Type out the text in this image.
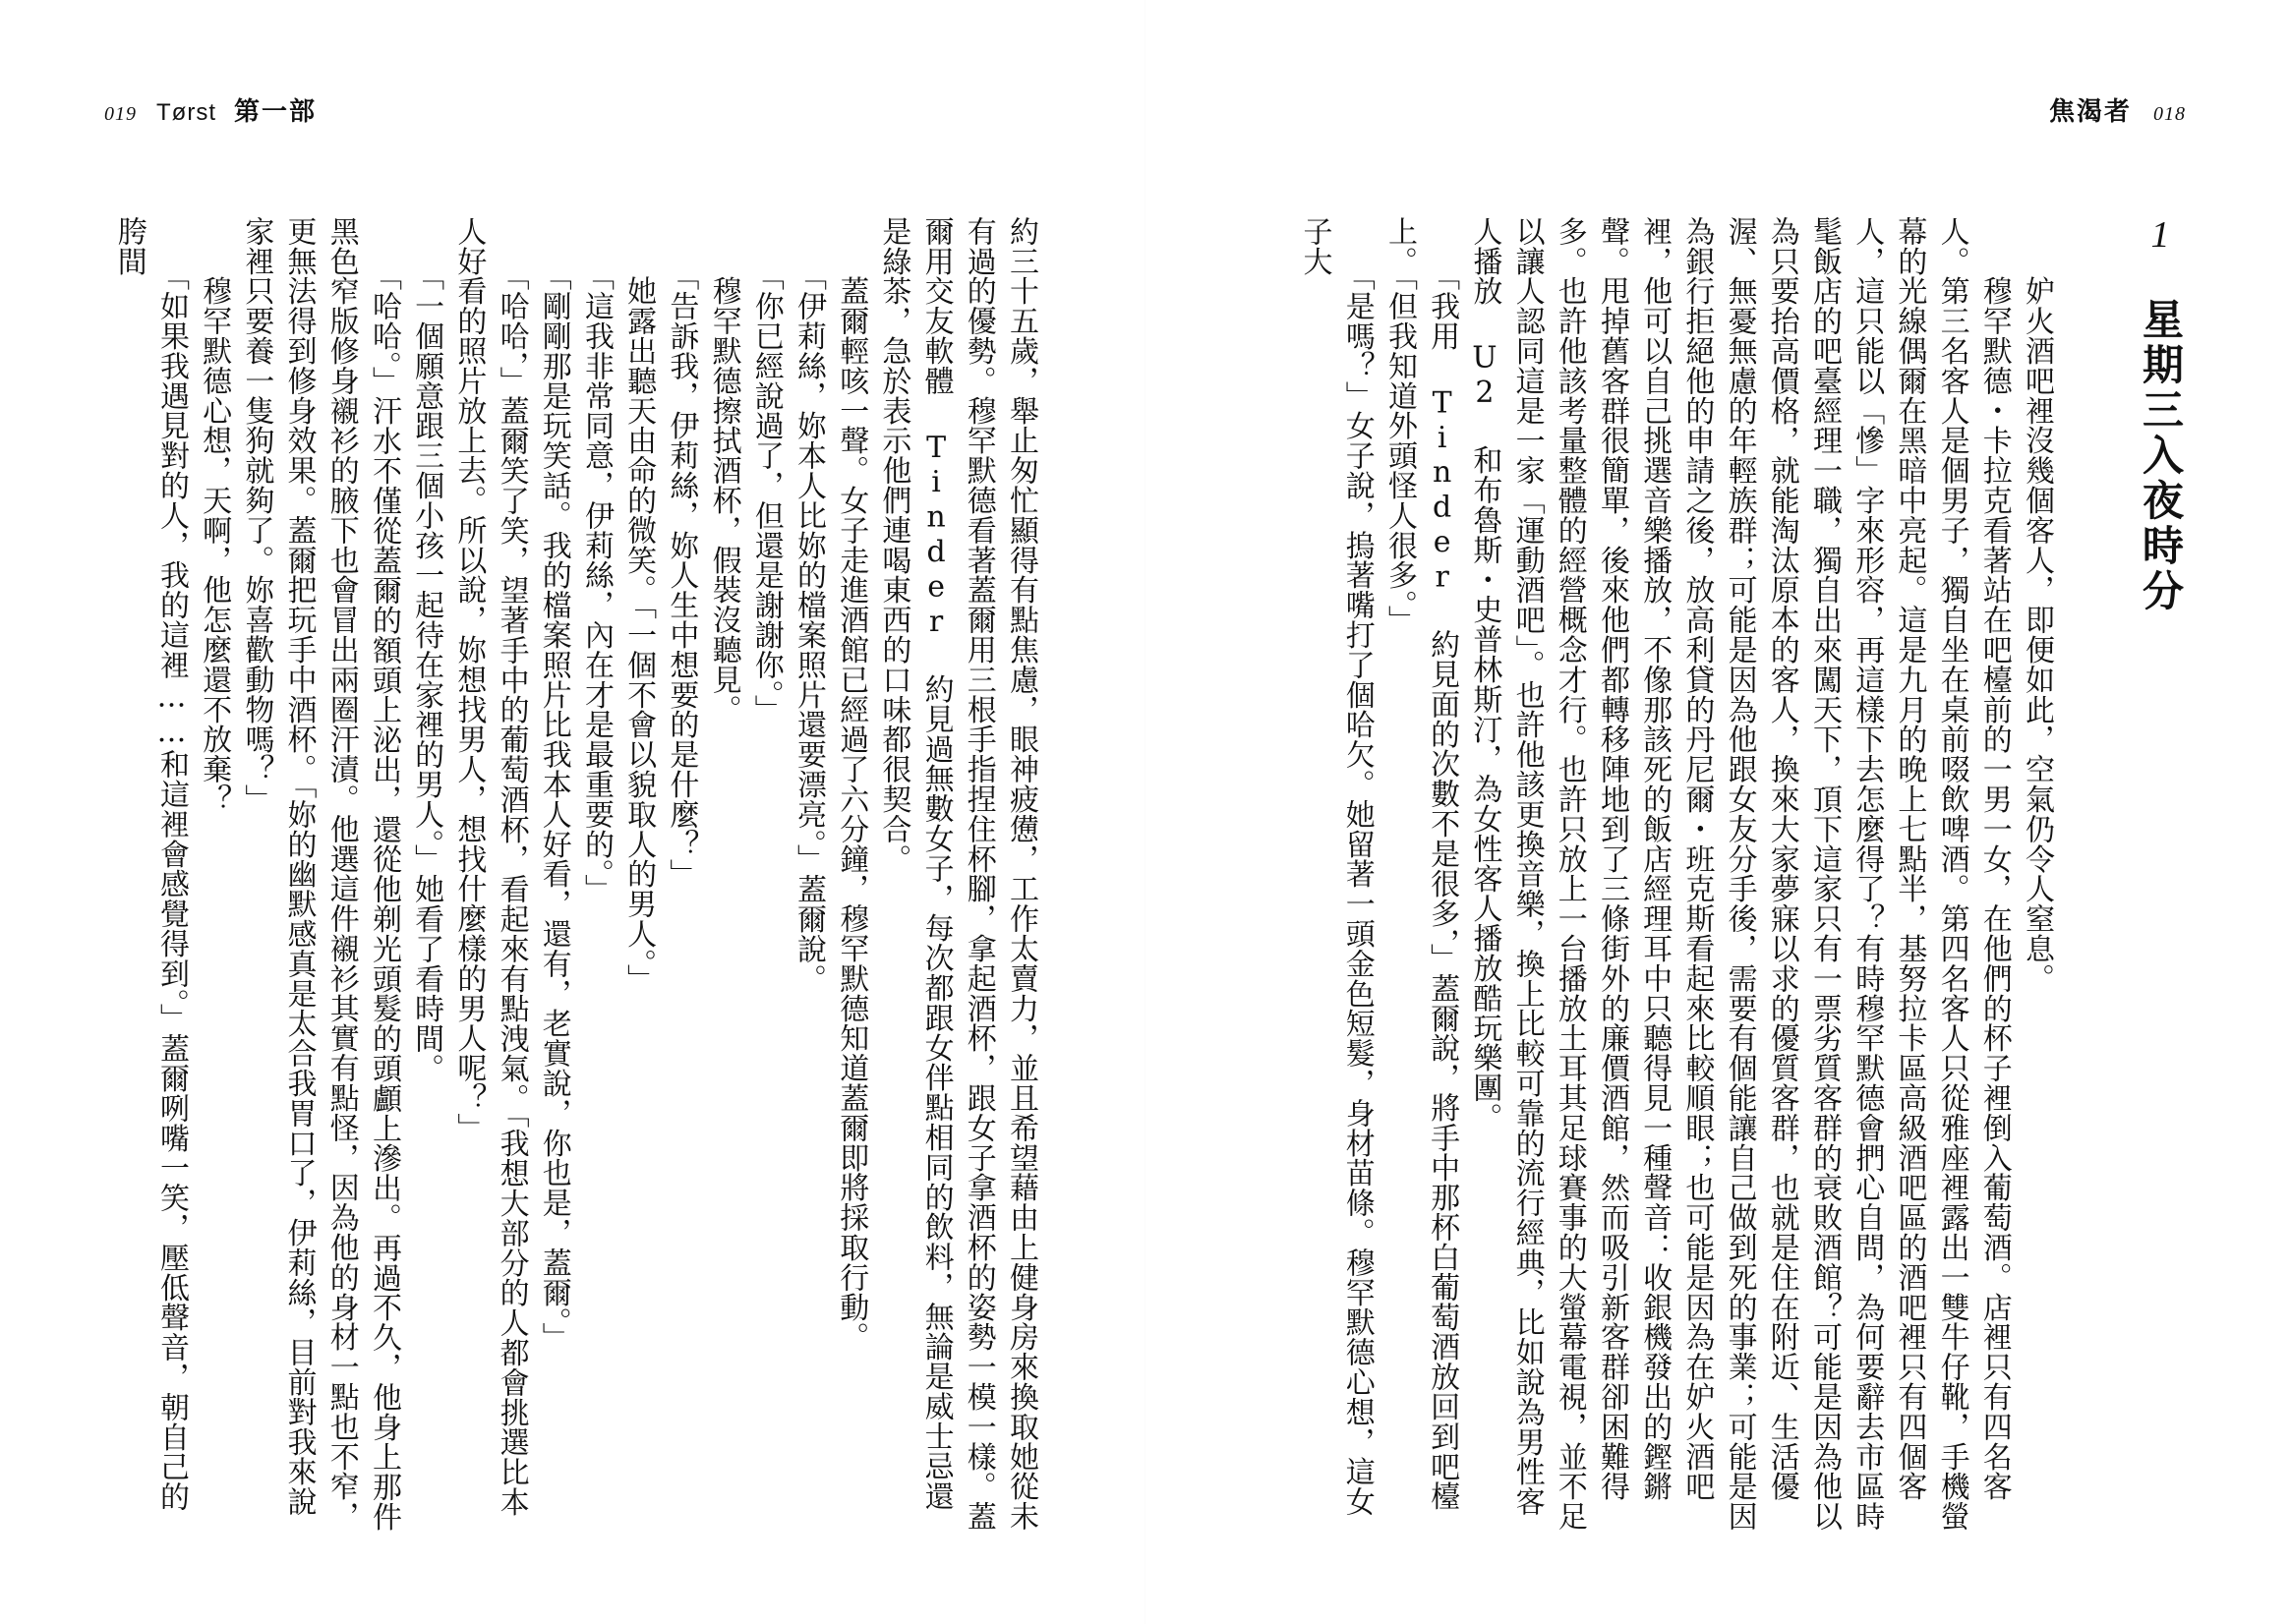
019 Tørst 第一部
約三十五歲，舉止匆忙顯得有點焦慮，眼神疲憊，工作太賣力，並且希望藉由上健身房來換取她從未有過的優勢。穆罕默德看著蓋爾用三根手指捏住杯腳，拿起酒杯，跟女子拿酒杯的姿勢一模一樣。蓋爾用交友軟體 Tinder 約見過無數女子，每次都跟女伴點相同的飲料，無論是威士忌還是綠茶，急於表示他們連喝東西的口味都很契合。
　　蓋爾輕咳一聲。女子走進酒館已經過了六分鐘，穆罕默德知道蓋爾即將採取行動。
　　「伊莉絲，妳本人比妳的檔案照片還要漂亮。」蓋爾說。
　　「你已經說過了，但還是謝謝你。」
　　穆罕默德擦拭酒杯，假裝沒聽見。
　　「告訴我，伊莉絲，妳人生中想要的是什麼？」
　　她露出聽天由命的微笑。「一個不會以貌取人的男人。」
　　「這我非常同意，伊莉絲，內在才是最重要的。」
　　「剛剛那是玩笑話。我的檔案照片比我本人好看，還有，老實說，你也是，蓋爾。」
　　「哈哈，」蓋爾笑了笑，望著手中的葡萄酒杯，看起來有點洩氣。「我想大部分的人都會挑選比本人好看的照片放上去。所以說，妳想找男人，想找什麼樣的男人呢？」
　　「一個願意跟三個小孩一起待在家裡的男人。」她看了看時間。
　　「哈哈。」汗水不僅從蓋爾的額頭上泌出，還從他剃光頭髮的頭顱上滲出。再過不久，他身上那件黑色窄版修身襯衫的腋下也會冒出兩圈汗漬。他選這件襯衫其實有點怪，因為他的身材一點也不窄，更無法得到修身效果。蓋爾把玩手中酒杯。「妳的幽默感真是太合我胃口了，伊莉絲，目前對我來說家裡只要養一隻狗就夠了。妳喜歡動物嗎？」
　　穆罕默德心想，天啊，他怎麼還不放棄？
　　「如果我遇見對的人，我的這裡……和這裡會感覺得到。」蓋爾咧嘴一笑，壓低聲音，朝自己的胯間
焦渴者 018
1 星期三入夜時分
　　妒火酒吧裡沒幾個客人，即便如此，空氣仍令人窒息。
　　穆罕默德・卡拉克看著站在吧檯前的一男一女，在他們的杯子裡倒入葡萄酒。店裡只有四名客人。第三名客人是個男子，獨自坐在桌前啜飲啤酒。第四名客人只從雅座裡露出一雙牛仔靴，手機螢幕的光線偶爾在黑暗中亮起。這是九月的晚上七點半，基努拉卡區高級酒吧區的酒吧裡只有四個客人，這只能以「慘」字來形容，再這樣下去怎麼得了？有時穆罕默德會捫心自問，為何要辭去市區時髦飯店的吧臺經理一職，獨自出來闖天下，頂下這家只有一票劣質客群的衰敗酒館？可能是因為他以為只要抬高價格，就能淘汰原本的客人，換來大家夢寐以求的優質客群，也就是住在附近、生活優渥、無憂無慮的年輕族群；可能是因為他跟女友分手後，需要有個能讓自己做到死的事業；可能是因為銀行拒絕他的申請之後，放高利貸的丹尼爾・班克斯看起來比較順眼；也可能是因為在妒火酒吧裡，他可以自己挑選音樂播放，不像那該死的飯店經理耳中只聽得見一種聲音：收銀機發出的鏗鏘聲。甩掉舊客群很簡單，後來他們都轉移陣地到了三條街外的廉價酒館，然而吸引新客群卻困難得多。也許他該考量整體的經營概念才行。也許只放上一台播放土耳其足球賽事的大螢幕電視，並不足以讓人認同這是一家「運動酒吧」。也許他該更換音樂，換上比較可靠的流行經典，比如說為男性客人播放 U2 和布魯斯・史普林斯汀，為女性客人播放酷玩樂團。
　　「我用 Tinder 約見面的次數不是很多，」蓋爾說，將手中那杯白葡萄酒放回到吧檯上。「但我知道外頭怪人很多。」
　　「是嗎？」女子說，摀著嘴打了個哈欠。她留著一頭金色短髮，身材苗條。穆罕默德心想，這女子大
